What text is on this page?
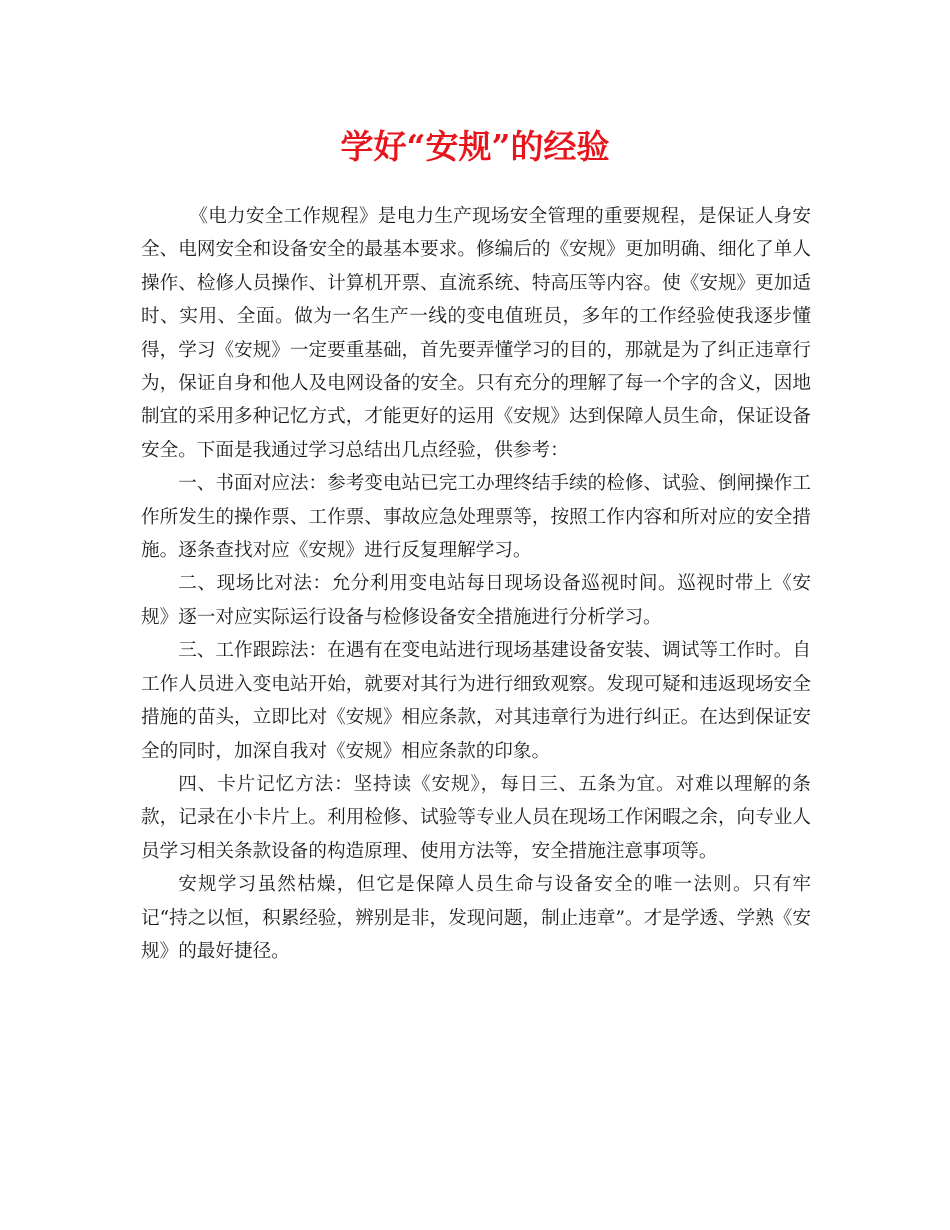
学好“安规”的经验

《电力安全工作规程》是电力生产现场安全管理的重要规程，是保证人身安全、电网安全和设备安全的最基本要求。修编后的《安规》更加明确、细化了单人操作、检修人员操作、计算机开票、直流系统、特高压等内容。使《安规》更加适时、实用、全面。做为一名生产一线的变电值班员，多年的工作经验使我逐步懂得，学习《安规》一定要重基础，首先要弄懂学习的目的，那就是为了纠正违章行为，保证自身和他人及电网设备的安全。只有充分的理解了每一个字的含义，因地制宜的采用多种记忆方式，才能更好的运用《安规》达到保障人员生命，保证设备安全。下面是我通过学习总结出几点经验，供参考：

一、书面对应法：参考变电站已完工办理终结手续的检修、试验、倒闸操作工作所发生的操作票、工作票、事故应急处理票等，按照工作内容和所对应的安全措施。逐条查找对应《安规》进行反复理解学习。

二、现场比对法：允分利用变电站每日现场设备巡视时间。巡视时带上《安规》逐一对应实际运行设备与检修设备安全措施进行分析学习。

三、工作跟踪法：在遇有在变电站进行现场基建设备安装、调试等工作时。自工作人员进入变电站开始，就要对其行为进行细致观察。发现可疑和违返现场安全措施的苗头，立即比对《安规》相应条款，对其违章行为进行纠正。在达到保证安全的同时，加深自我对《安规》相应条款的印象。

四、卡片记忆方法：坚持读《安规》，每日三、五条为宜。对难以理解的条款，记录在小卡片上。利用检修、试验等专业人员在现场工作闲暇之余，向专业人员学习相关条款设备的构造原理、使用方法等，安全措施注意事项等。

安规学习虽然枯燥，但它是保障人员生命与设备安全的唯一法则。只有牢记“持之以恒，积累经验，辨别是非，发现问题，制止违章”。才是学透、学熟《安规》的最好捷径。
